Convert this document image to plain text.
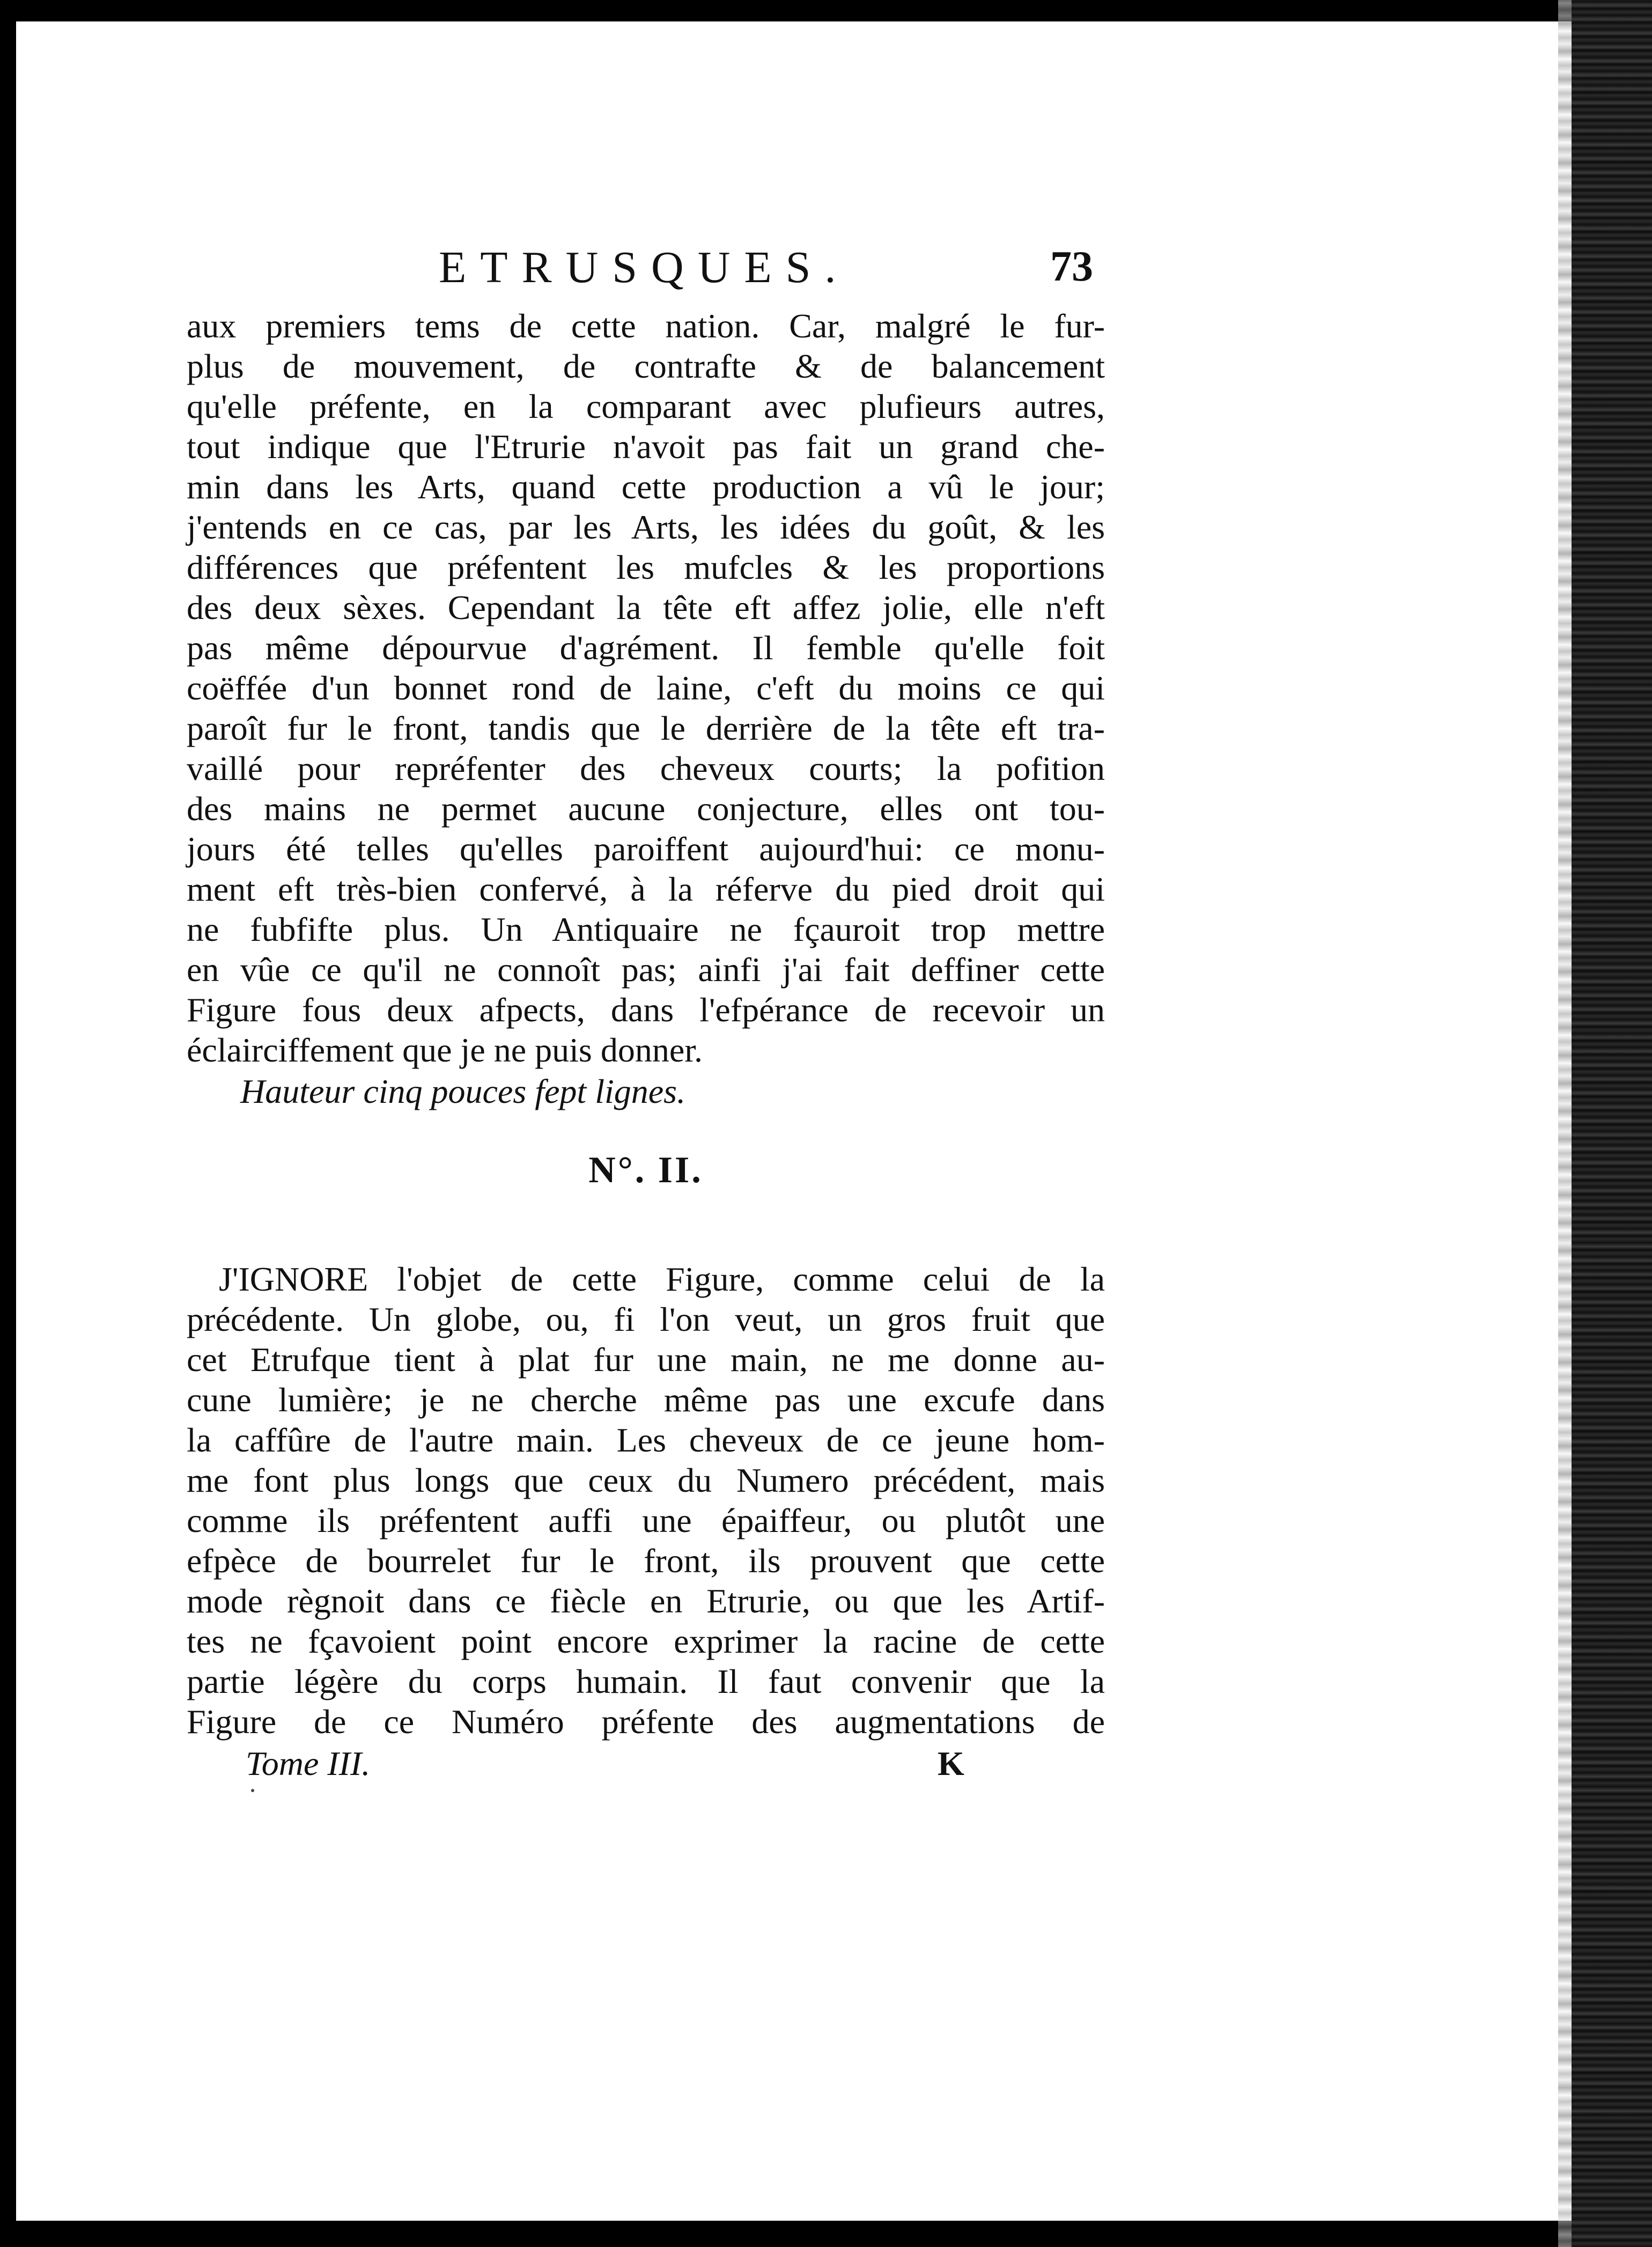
ETRUSQUES.	73
aux premiers tems de cette nation. Car, malgré le fur-
plus de mouvement, de contrafte & de balancement
qu'elle préfente, en la comparant avec plufieurs autres,
tout indique que l'Etrurie n'avoit pas fait un grand che-
min dans les Arts, quand cette production a vû le jour;
j'entends en ce cas, par les Arts, les idées du goût, & les
différences que préfentent les mufcles & les proportions
des deux sèxes. Cependant la tête eft affez jolie, elle n'eft
pas même dépourvue d'agrément. Il femble qu'elle foit
coëffée d'un bonnet rond de laine, c'eft du moins ce qui
paroît fur le front, tandis que le derrière de la tête eft tra-
vaillé pour repréfenter des cheveux courts; la pofition
des mains ne permet aucune conjecture, elles ont tou-
jours été telles qu'elles paroiffent aujourd'hui: ce monu-
ment eft très-bien confervé, à la réferve du pied droit qui
ne fubfifte plus. Un Antiquaire ne fçauroit trop mettre
en vûe ce qu'il ne connoît pas; ainfi j'ai fait deffiner cette
Figure fous deux afpects, dans l'efpérance de recevoir un
éclairciffement que je ne puis donner.
Hauteur cinq pouces fept lignes.
N°. II.
J'IGNORE l'objet de cette Figure, comme celui de la
précédente. Un globe, ou, fi l'on veut, un gros fruit que
cet Etrufque tient à plat fur une main, ne me donne au-
cune lumière; je ne cherche même pas une excufe dans
la caffûre de l'autre main. Les cheveux de ce jeune hom-
me font plus longs que ceux du Numero précédent, mais
comme ils préfentent auffi une épaiffeur, ou plutôt une
efpèce de bourrelet fur le front, ils prouvent que cette
mode règnoit dans ce fiècle en Etrurie, ou que les Artif-
tes ne fçavoient point encore exprimer la racine de cette
partie légère du corps humain. Il faut convenir que la
Figure de ce Numéro préfente des augmentations de
Tome III.	K
